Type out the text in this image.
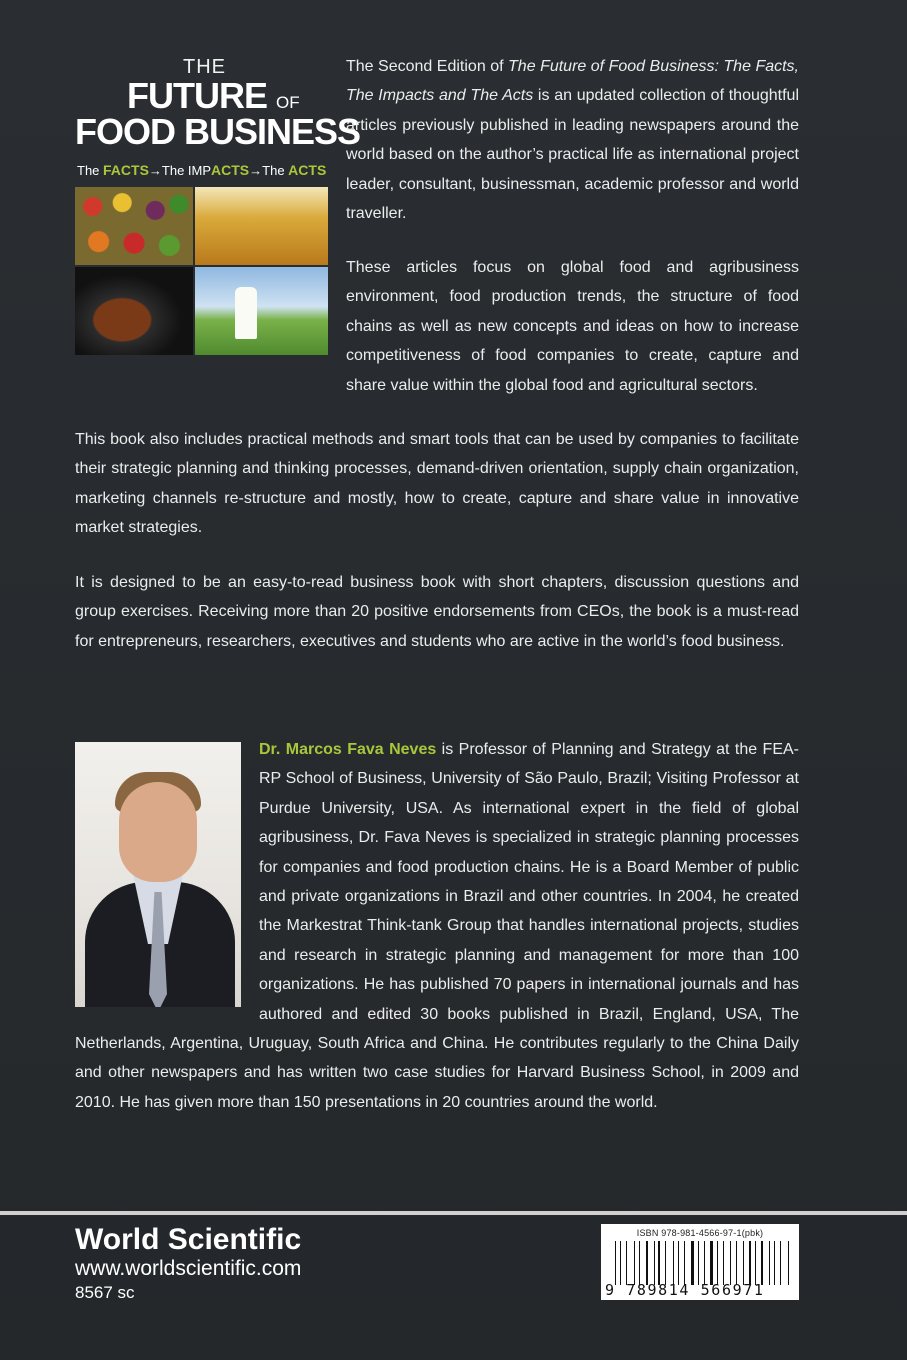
THE
FUTURE OF
FOOD BUSINESS
The FACTS→The IMPACTS→The ACTS

The Second Edition of The Future of Food Business: The Facts, The Impacts and The Acts is an updated collection of thoughtful articles previously published in leading newspapers around the world based on the author’s practical life as international project leader, consultant, businessman, academic professor and world traveller.

These articles focus on global food and agribusiness environment, food production trends, the structure of food chains as well as new concepts and ideas on how to increase competitiveness of food companies to create, capture and share value within the global food and agricultural sectors.

This book also includes practical methods and smart tools that can be used by companies to facilitate their strategic planning and thinking processes, demand-driven orientation, supply chain organization, marketing channels re-structure and mostly, how to create, capture and share value in innovative market strategies.

It is designed to be an easy-to-read business book with short chapters, discussion questions and group exercises. Receiving more than 20 positive endorsements from CEOs, the book is a must-read for entrepreneurs, researchers, executives and students who are active in the world’s food business.

Dr. Marcos Fava Neves is Professor of Planning and Strategy at the FEA-RP School of Business, University of São Paulo, Brazil; Visiting Professor at Purdue University, USA. As international expert in the field of global agribusiness, Dr. Fava Neves is specialized in strategic planning processes for companies and food production chains. He is a Board Member of public and private organizations in Brazil and other countries. In 2004, he created the Markestrat Think-tank Group that handles international projects, studies and research in strategic planning and management for more than 100 organizations. He has published 70 papers in international journals and has authored and edited 30 books published in Brazil, England, USA, The Netherlands, Argentina, Uruguay, South Africa and China. He contributes regularly to the China Daily and other newspapers and has written two case studies for Harvard Business School, in 2009 and 2010. He has given more than 150 presentations in 20 countries around the world.

World Scientific
www.worldscientific.com
8567 sc
ISBN 978-981-4566-97-1(pbk)
9 789814 566971
